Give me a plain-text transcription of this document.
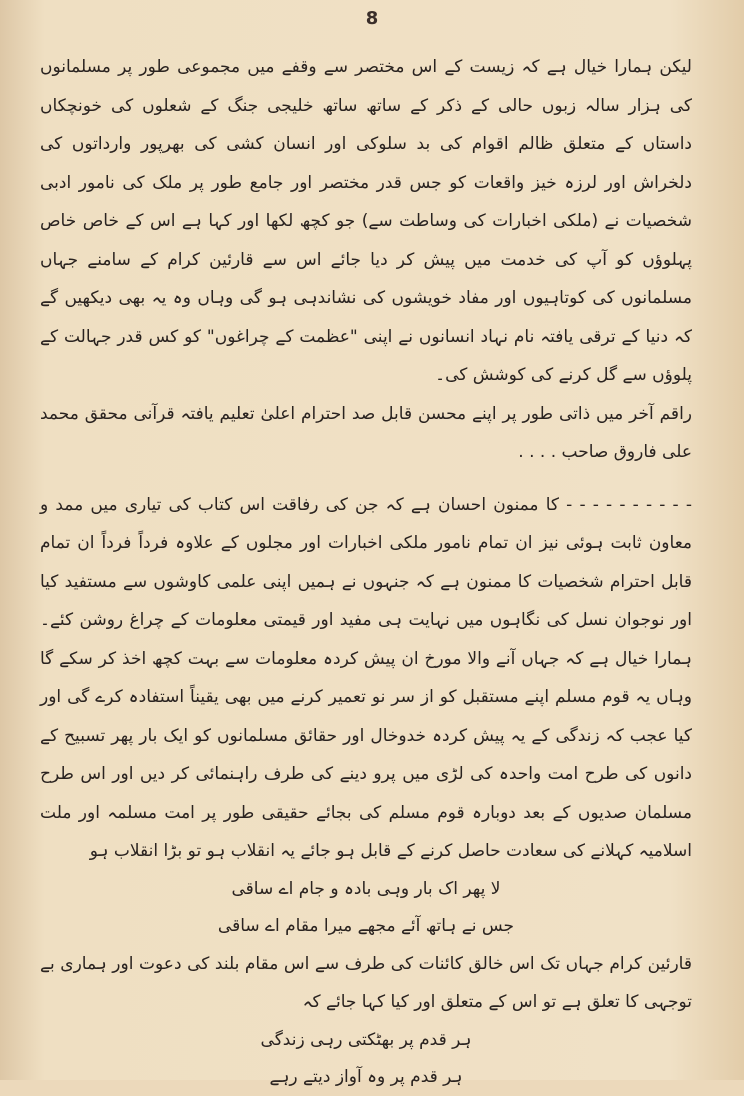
8

لیکن ہمارا خیال ہے کہ زیست کے اس مختصر سے وقفے میں مجموعی طور پر مسلمانوں کی ہزار سالہ زبوں حالی کے ذکر کے ساتھ ساتھ خلیجی جنگ کے شعلوں کی خونچکاں داستاں کے متعلق ظالم اقوام کی بد سلوکی اور انسان کشی کی بھرپور وارداتوں کی دلخراش اور لرزہ خیز واقعات کو جس قدر مختصر اور جامع طور پر ملک کی نامور ادبی شخصیات نے (ملکی اخبارات کی وساطت سے) جو کچھ لکھا اور کہا ہے اس کے خاص خاص پہلوؤں کو آپ کی خدمت میں پیش کر دیا جائے اس سے قارئین کرام کے سامنے جہاں مسلمانوں کی کوتاہیوں اور مفاد خویشوں کی نشاندہی ہو گی وہاں وہ یہ بھی دیکھیں گے کہ دنیا کے ترقی یافتہ نام نہاد انسانوں نے اپنی "عظمت کے چراغوں" کو کس قدر جہالت کے پلوؤں سے گل کرنے کی کوشش کی۔

راقم آخر میں ذاتی طور پر اپنے محسن قابل صد احترام اعلیٰ تعلیم یافتہ قرآنی محقق محمد علی فاروق صاحب . . . .

- - - - - - - - - - کا ممنون احسان ہے کہ جن کی رفاقت اس کتاب کی تیاری میں ممد و معاون ثابت ہوئی نیز ان تمام نامور ملکی اخبارات اور مجلوں کے علاوہ فرداً فرداً ان تمام قابل احترام شخصیات کا ممنون ہے کہ جنہوں نے ہمیں اپنی علمی کاوشوں سے مستفید کیا اور نوجوان نسل کی نگاہوں میں نہایت ہی مفید اور قیمتی معلومات کے چراغ روشن کئے۔ ہمارا خیال ہے کہ جہاں آنے والا مورخ ان پیش کردہ معلومات سے بہت کچھ اخذ کر سکے گا وہاں یہ قوم مسلم اپنے مستقبل کو از سر نو تعمیر کرنے میں بھی یقیناً استفادہ کرے گی اور کیا عجب کہ زندگی کے یہ پیش کردہ خدوخال اور حقائق مسلمانوں کو ایک بار پھر تسبیح کے دانوں کی طرح امت واحدہ کی لڑی میں پرو دینے کی طرف راہنمائی کر دیں اور اس طرح مسلمان صدیوں کے بعد دوبارہ قوم مسلم کی بجائے حقیقی طور پر امت مسلمہ اور ملت اسلامیہ کہلانے کی سعادت حاصل کرنے کے قابل ہو جائے یہ انقلاب ہو تو بڑا انقلاب ہو

لا پھر اک بار وہی بادہ و جام اے ساقی

جس نے ہاتھ آئے مجھے میرا مقام اے ساقی

قارئین کرام جہاں تک اس خالق کائنات کی طرف سے اس مقام بلند کی دعوت اور ہماری بے توجہی کا تعلق ہے تو اس کے متعلق اور کیا کہا جائے کہ

ہر قدم پر بھٹکتی رہی زندگی

ہر قدم پر وہ آواز دیتے رہے
